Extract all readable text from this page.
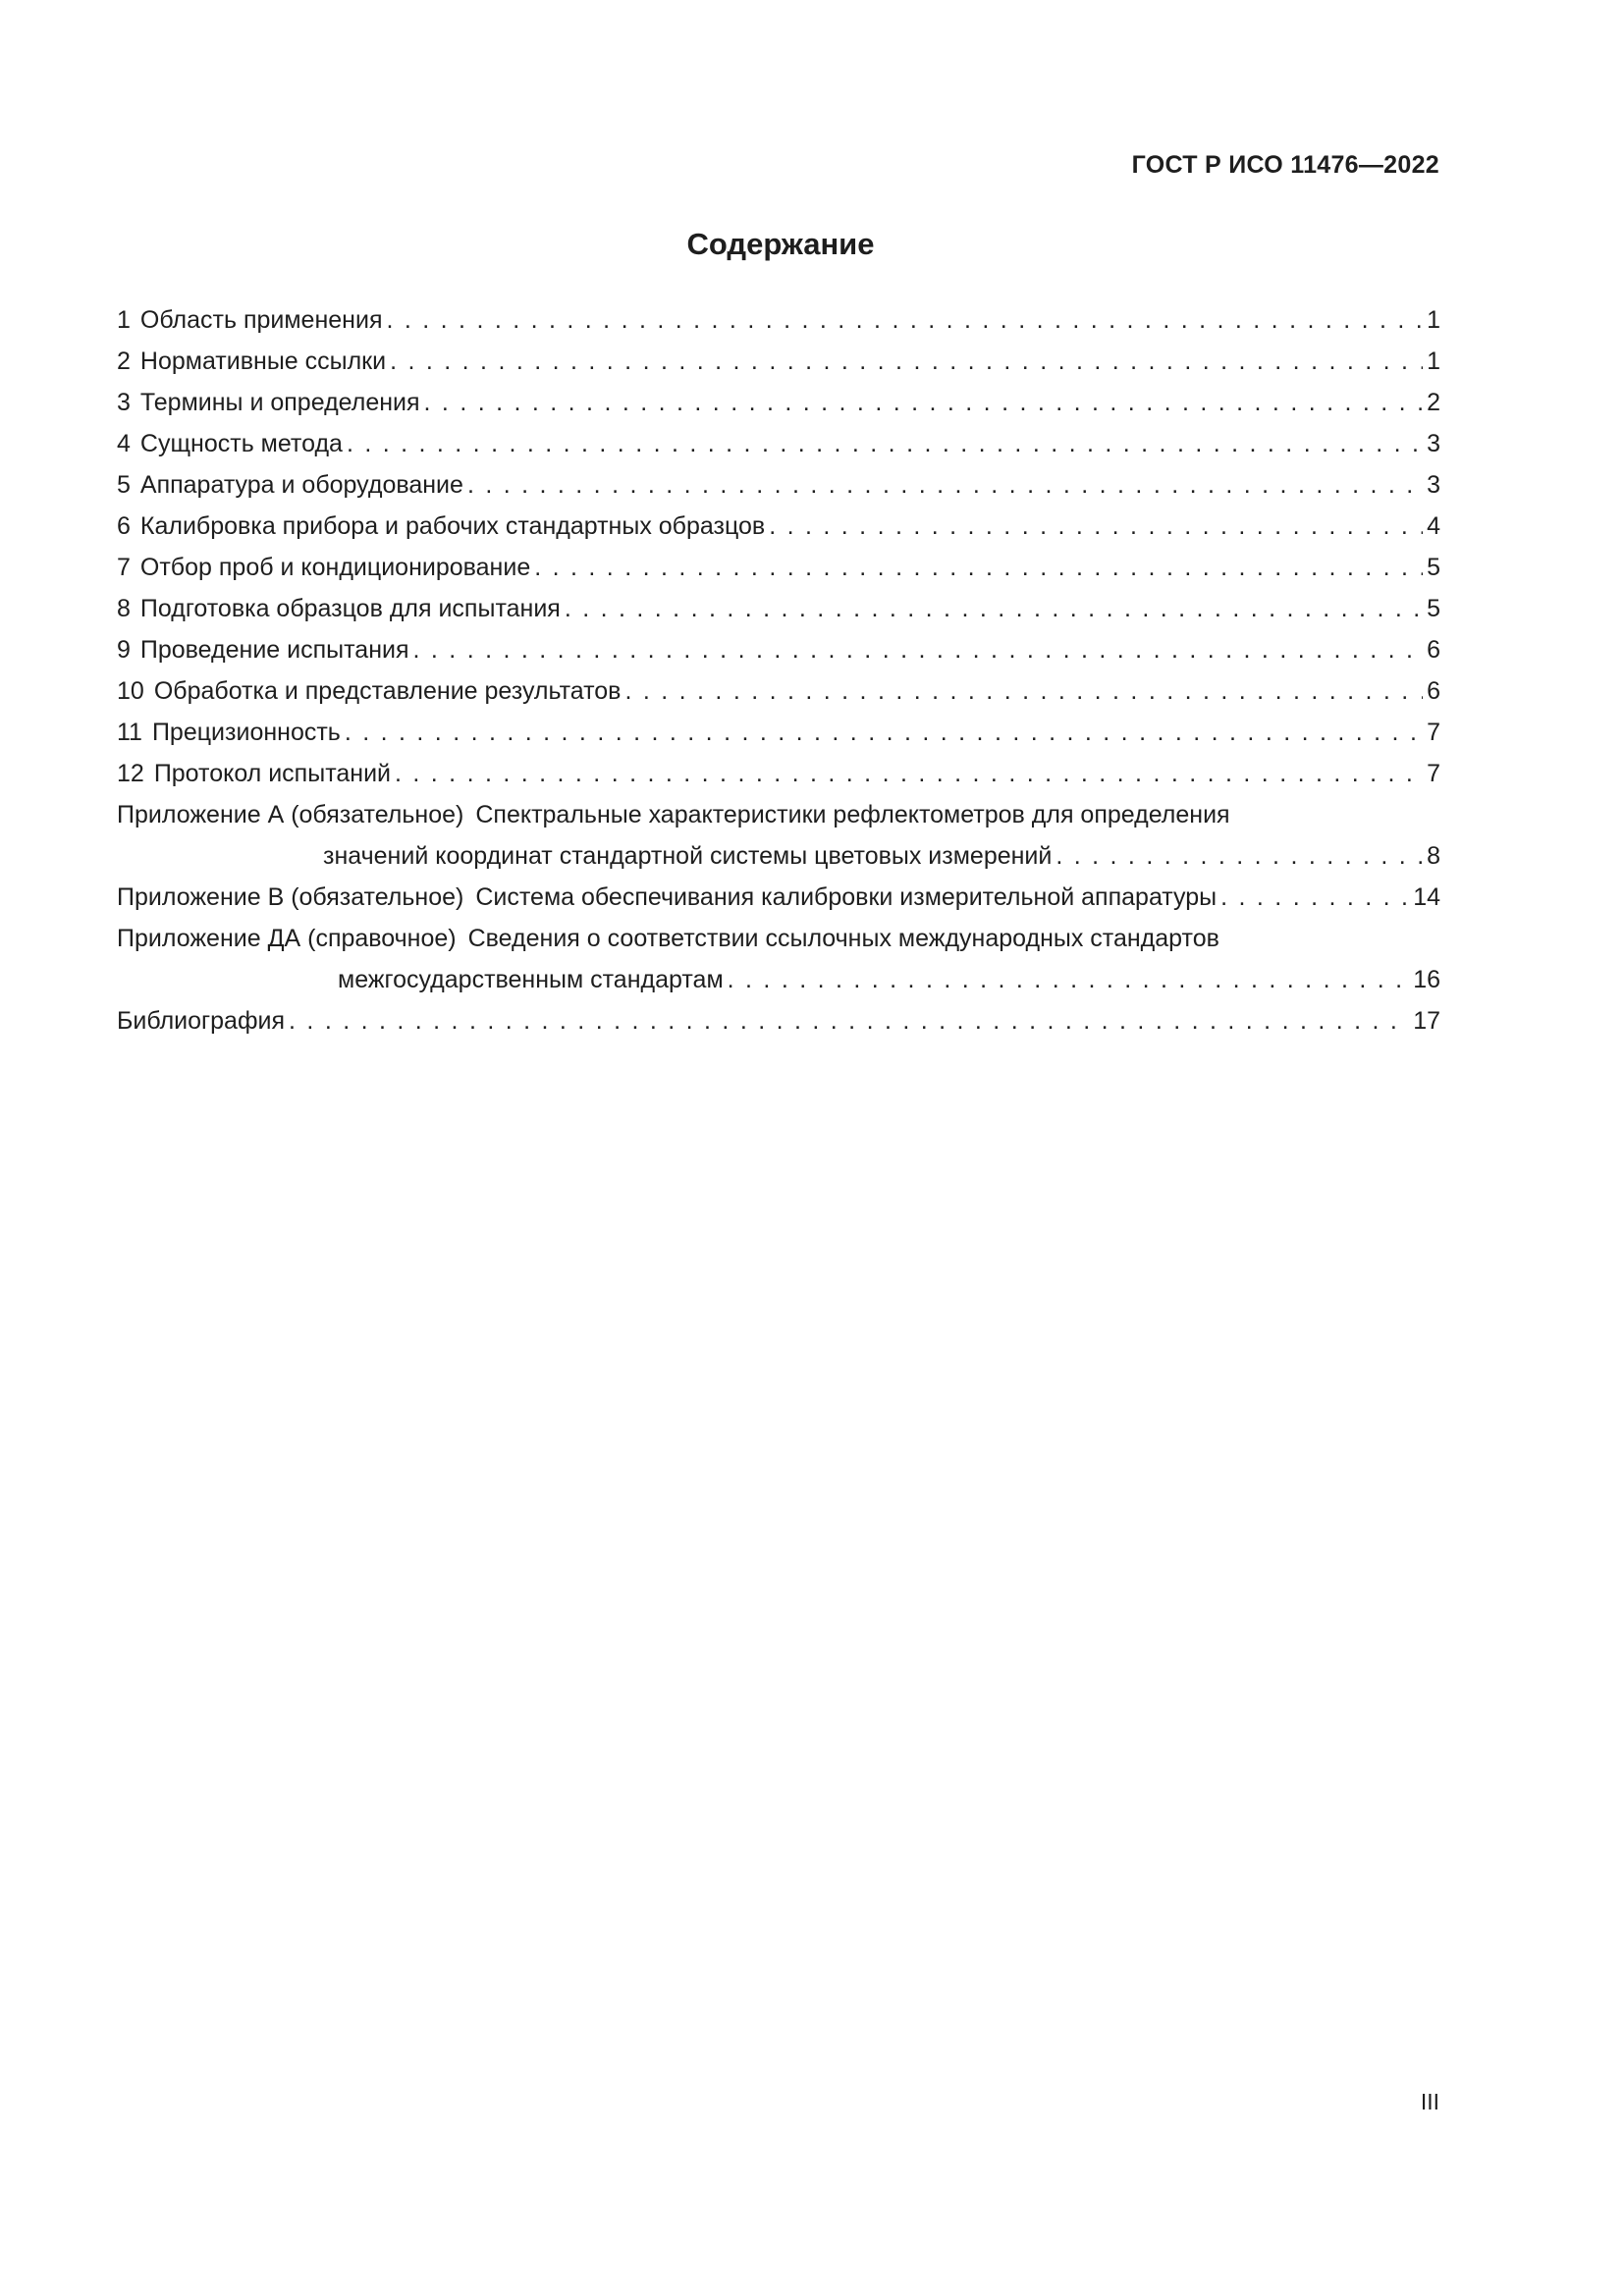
ГОСТ Р ИСО 11476—2022
Содержание
1 Область применения . . .	1
2 Нормативные ссылки . . .	1
3 Термины и определения . . .	2
4 Сущность метода . . .	3
5 Аппаратура и оборудование . . .	3
6 Калибровка прибора и рабочих стандартных образцов . . .	4
7 Отбор проб и кондиционирование . . .	5
8 Подготовка образцов для испытания . . .	5
9 Проведение испытания . . .	6
10 Обработка и представление результатов . . .	6
11 Прецизионность . . .	7
12 Протокол испытаний . . .	7
Приложение А (обязательное) Спектральные характеристики рефлектометров для определения
значений координат стандартной системы цветовых измерений . . .	8
Приложение В (обязательное) Система обеспечивания калибровки измерительной аппаратуры . . .	14
Приложение ДА (справочное) Сведения о соответствии ссылочных международных стандартов
межгосударственным стандартам . . .	16
Библиография . . .	17
III
